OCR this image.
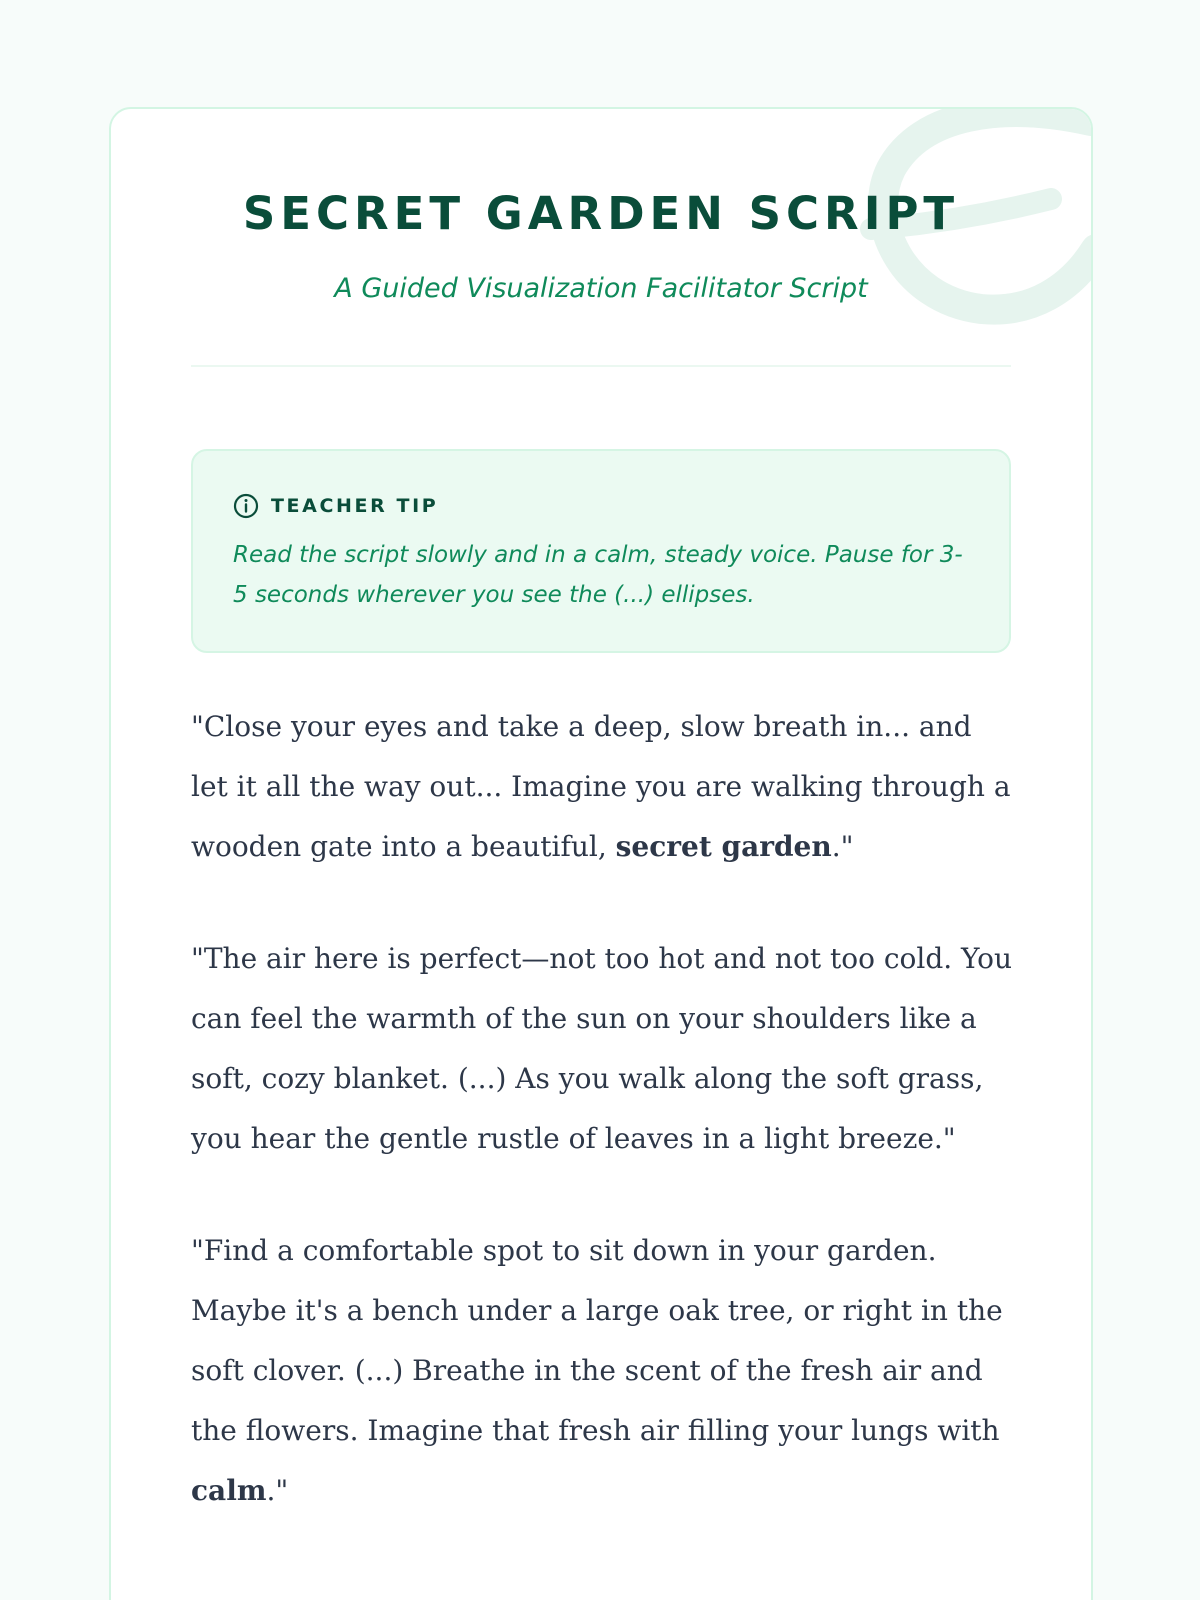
SECRET GARDEN SCRIPT
A Guided Visualization Facilitator Script
TEACHER TIP
Read the script slowly and in a calm, steady voice. Pause for 3-5 seconds wherever you see the (...) ellipses.

"Close your eyes and take a deep, slow breath in... and let it all the way out... Imagine you are walking through a wooden gate into a beautiful, secret garden."

"The air here is perfect—not too hot and not too cold. You can feel the warmth of the sun on your shoulders like a soft, cozy blanket. (...) As you walk along the soft grass, you hear the gentle rustle of leaves in a light breeze."

"Find a comfortable spot to sit down in your garden. Maybe it's a bench under a large oak tree, or right in the soft clover. (...) Breathe in the scent of the fresh air and the flowers. Imagine that fresh air filling your lungs with calm."
